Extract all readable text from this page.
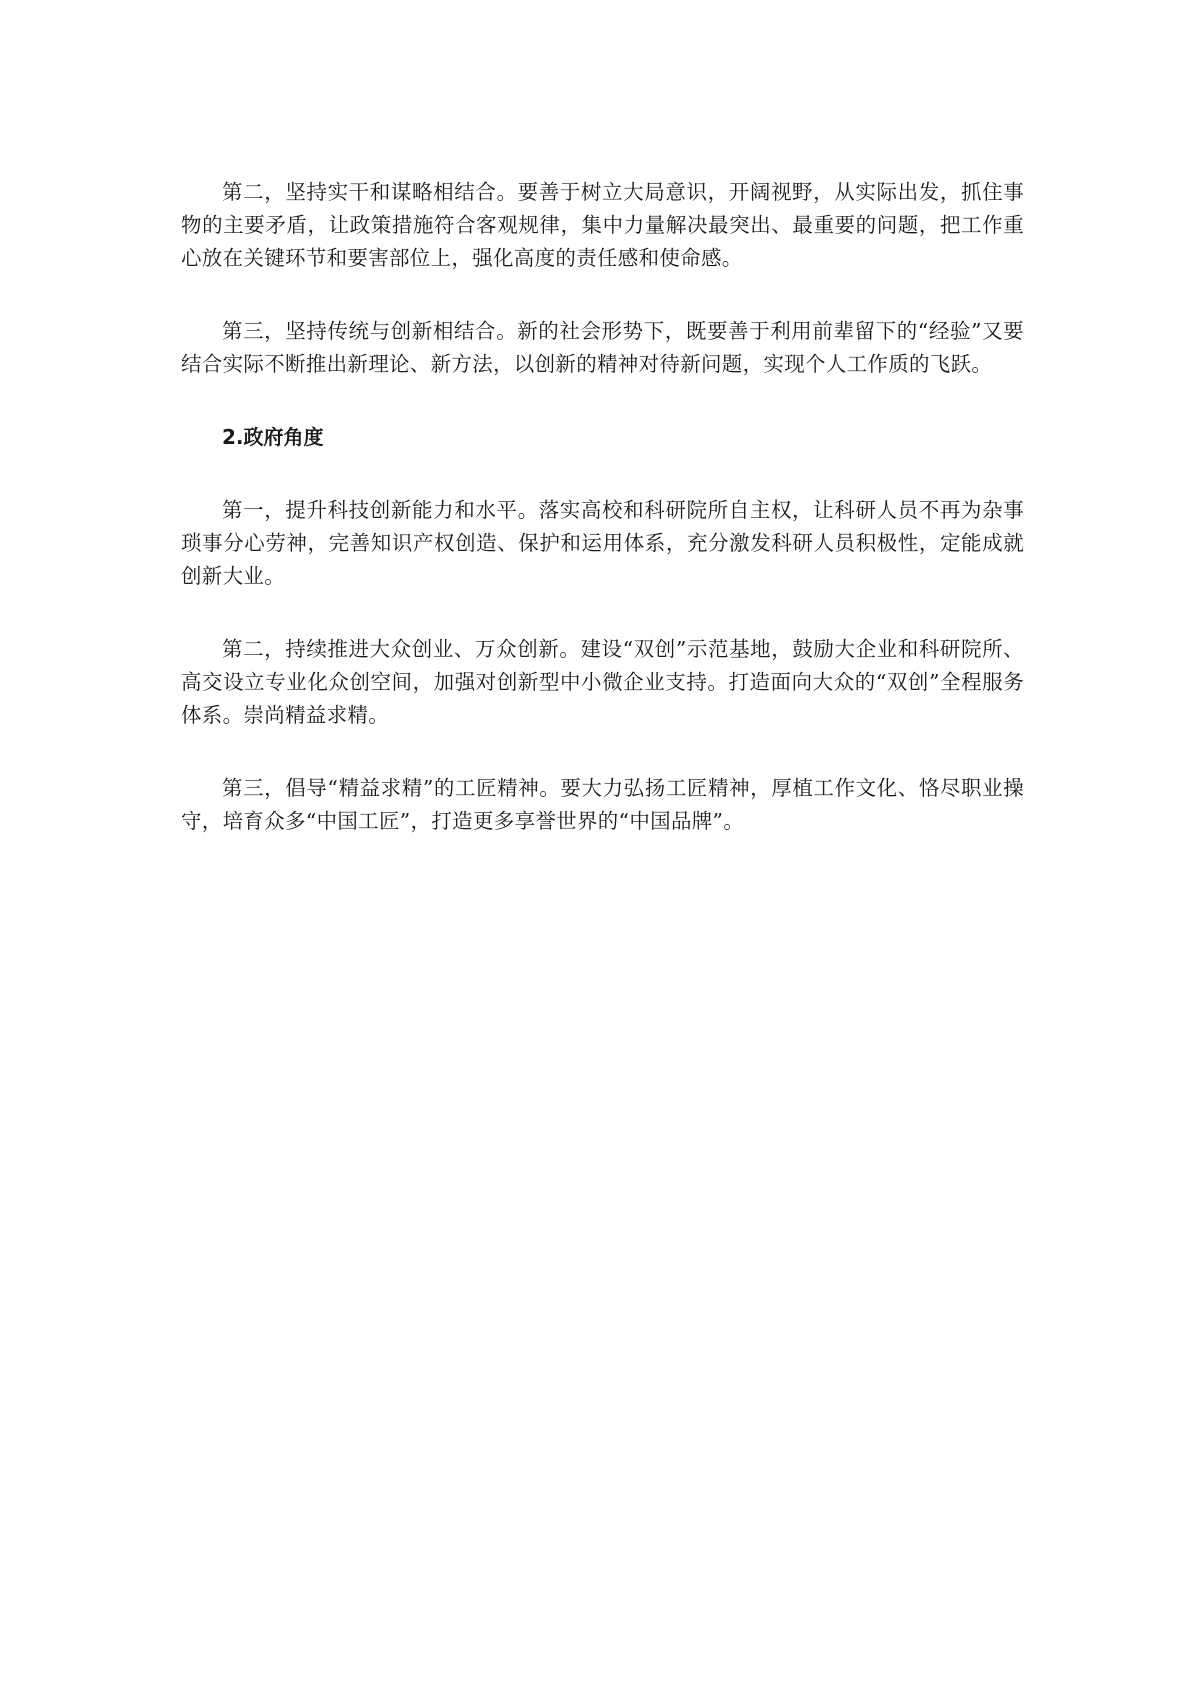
第二，坚持实干和谋略相结合。要善于树立大局意识，开阔视野，从实际出发，抓住事物的主要矛盾，让政策措施符合客观规律，集中力量解决最突出、最重要的问题，把工作重心放在关键环节和要害部位上，强化高度的责任感和使命感。

第三，坚持传统与创新相结合。新的社会形势下，既要善于利用前辈留下的“经验”又要结合实际不断推出新理论、新方法，以创新的精神对待新问题，实现个人工作质的飞跃。

2.政府角度

第一，提升科技创新能力和水平。落实高校和科研院所自主权，让科研人员不再为杂事琐事分心劳神，完善知识产权创造、保护和运用体系，充分激发科研人员积极性，定能成就创新大业。

第二，持续推进大众创业、万众创新。建设“双创”示范基地，鼓励大企业和科研院所、高交设立专业化众创空间，加强对创新型中小微企业支持。打造面向大众的“双创”全程服务体系。崇尚精益求精。

第三，倡导“精益求精”的工匠精神。要大力弘扬工匠精神，厚植工作文化、恪尽职业操守，培育众多“中国工匠”，打造更多享誉世界的“中国品牌”。
